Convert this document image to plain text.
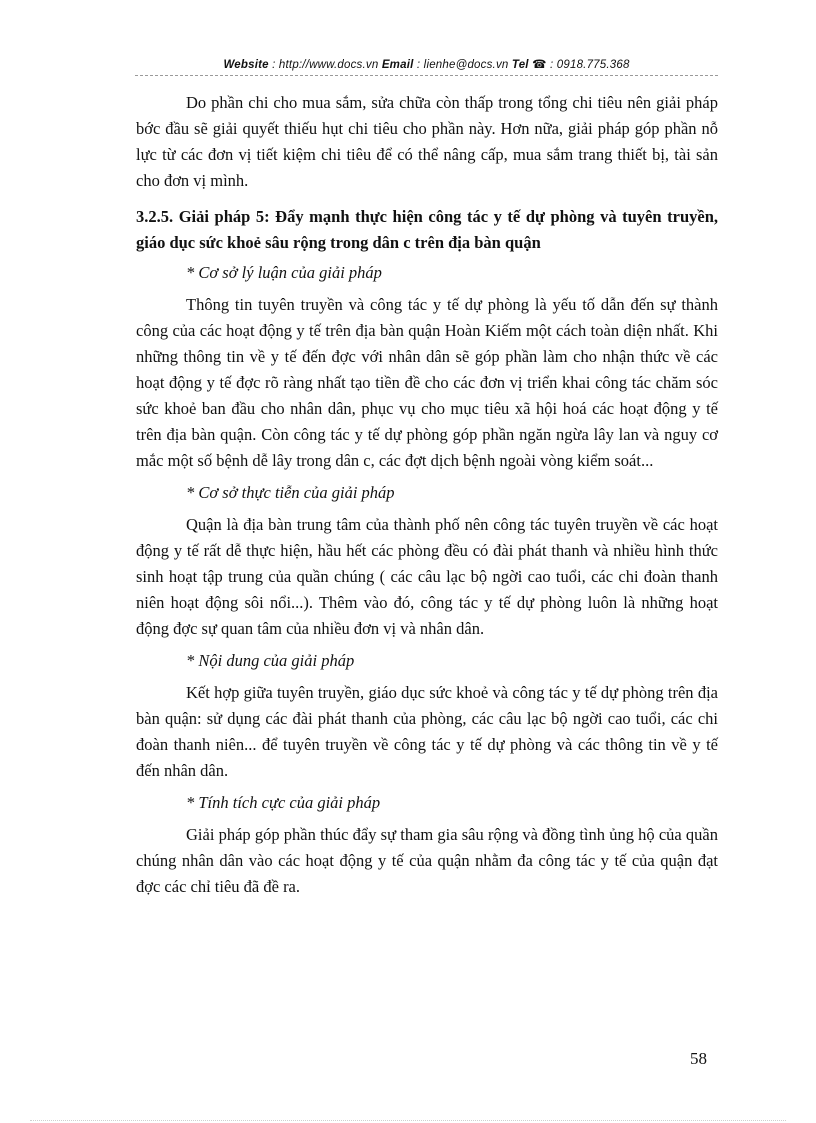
Website : http://www.docs.vn Email : lienhe@docs.vn Tel ☎ : 0918.775.368

Do phần chi cho mua sắm, sửa chữa còn thấp trong tổng chi tiêu nên giải pháp bớc đầu sẽ giải quyết thiếu hụt chi tiêu cho phần này. Hơn nữa, giải pháp góp phần nỗ lực từ các đơn vị tiết kiệm chi tiêu để có thể nâng cấp, mua sắm trang thiết bị, tài sản cho đơn vị mình.

3.2.5. Giải pháp 5: Đẩy mạnh thực hiện công tác y tế dự phòng và tuyên truyền, giáo dục sức khoẻ sâu rộng trong dân c trên địa bàn quận

* Cơ sở lý luận của giải pháp

Thông tin tuyên truyền và công tác y tế dự phòng là yếu tố dẫn đến sự thành công của các hoạt động y tế trên địa bàn quận Hoàn Kiếm một cách toàn diện nhất. Khi những thông tin về y tế đến đợc với nhân dân sẽ góp phần làm cho nhận thức về các hoạt động y tế đợc rõ ràng nhất tạo tiền đề cho các đơn vị triển khai công tác chăm sóc sức khoẻ ban đầu cho nhân dân, phục vụ cho mục tiêu xã hội hoá các hoạt động y tế trên địa bàn quận. Còn công tác y tế dự phòng góp phần ngăn ngừa lây lan và nguy cơ mắc một số bệnh dễ lây trong dân c, các đợt dịch bệnh ngoài vòng kiểm soát...

* Cơ sở thực tiễn của giải pháp

Quận là địa bàn trung tâm của thành phố nên công tác tuyên truyền về các hoạt động y tế rất dễ thực hiện, hầu hết các phòng đều có đài phát thanh và nhiều hình thức sinh hoạt tập trung của quần chúng ( các câu lạc bộ ngời cao tuổi, các chi đoàn thanh niên hoạt động sôi nổi...). Thêm vào đó, công tác y tế dự phòng luôn là những hoạt động đợc sự quan tâm của nhiều đơn vị và nhân dân.

* Nội dung của giải pháp

Kết hợp giữa tuyên truyền, giáo dục sức khoẻ và công tác y tế dự phòng trên địa bàn quận: sử dụng các đài phát thanh của phòng, các câu lạc bộ ngời cao tuổi, các chi đoàn thanh niên... để tuyên truyền về công tác y tế dự phòng và các thông tin về y tế đến nhân dân.

* Tính tích cực của giải pháp

Giải pháp góp phần thúc đẩy sự tham gia sâu rộng và đồng tình ủng hộ của quần chúng nhân dân vào các hoạt động y tế của quận nhằm đa công tác y tế của quận đạt đợc các chỉ tiêu đã đề ra.

58
